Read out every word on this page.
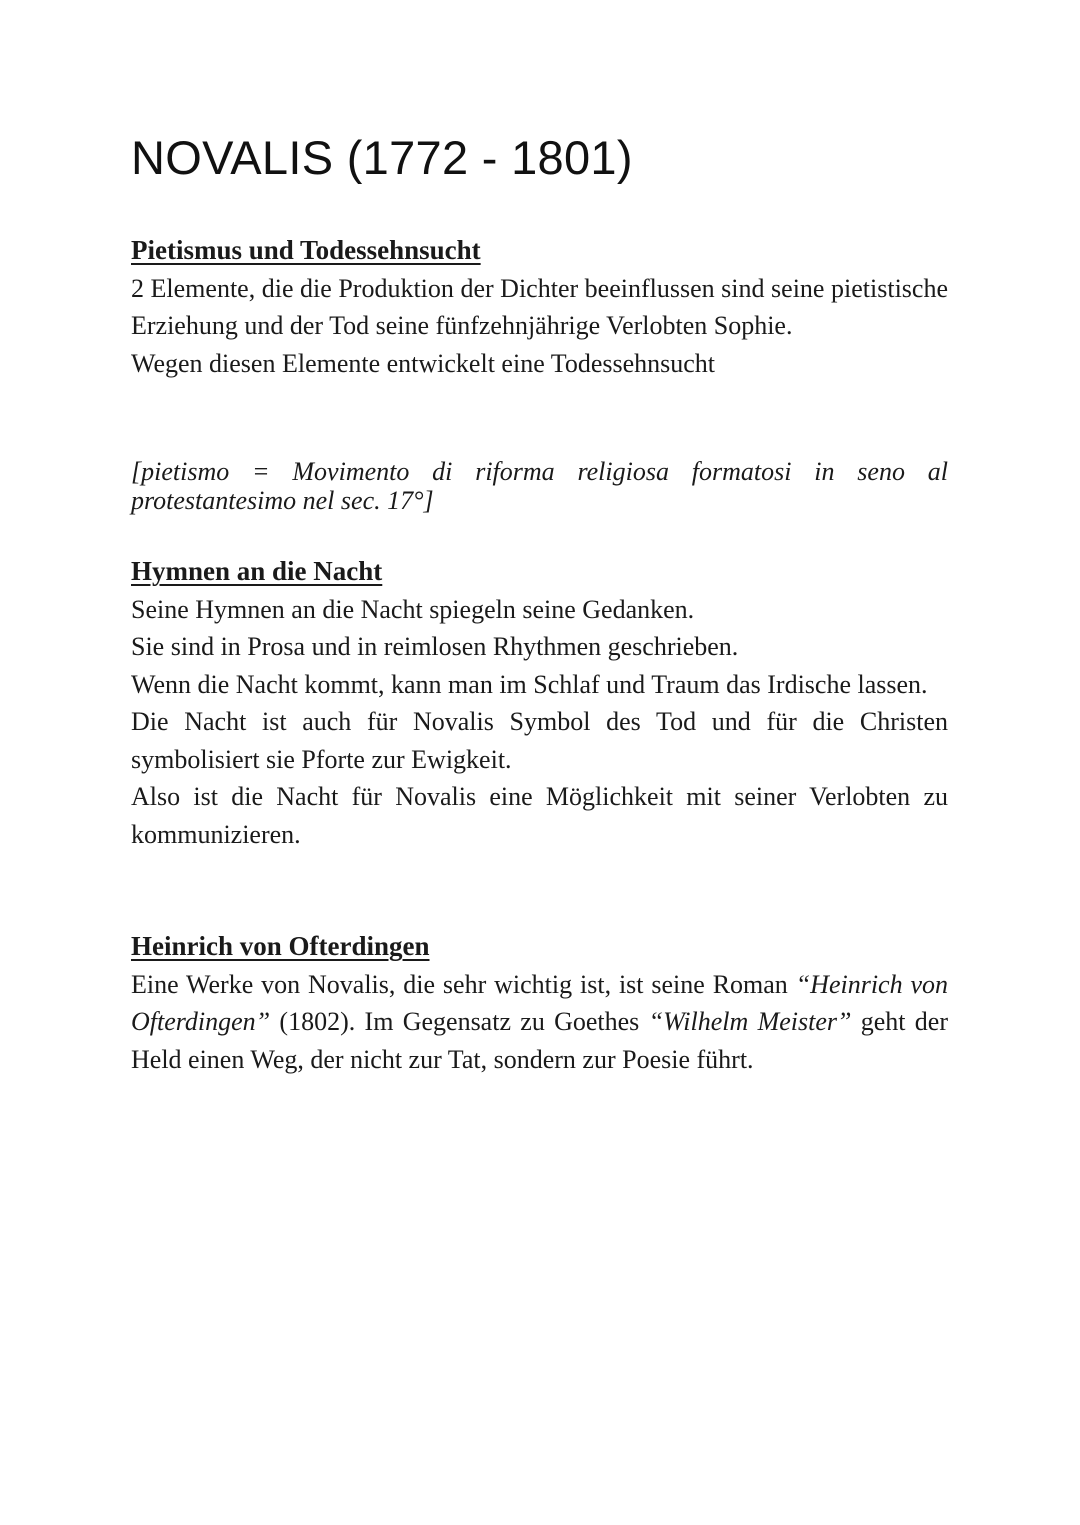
NOVALIS (1772 - 1801)
Pietismus und Todessehnsucht

2 Elemente, die die Produktion der Dichter beeinflussen sind seine pietistische Erziehung und der Tod seine fünfzehnjährige Verlobten Sophie.

Wegen diesen Elemente entwickelt eine Todessehnsucht

[pietismo = Movimento di riforma religiosa formatosi in seno al protestantesimo nel sec. 17°]

Hymnen an die Nacht

Seine Hymnen an die Nacht spiegeln seine Gedanken.

Sie sind in Prosa und in reimlosen Rhythmen geschrieben.

Wenn die Nacht kommt, kann man im Schlaf und Traum das Irdische lassen.

Die Nacht ist auch für Novalis Symbol des Tod und für die Christen symbolisiert sie Pforte zur Ewigkeit.

Also ist die Nacht für Novalis eine Möglichkeit mit seiner Verlobten zu kommunizieren.

Heinrich von Ofterdingen

Eine Werke von Novalis, die sehr wichtig ist, ist seine Roman “Heinrich von Ofterdingen” (1802). Im Gegensatz zu Goethes “Wilhelm Meister” geht der Held einen Weg, der nicht zur Tat, sondern zur Poesie führt.
